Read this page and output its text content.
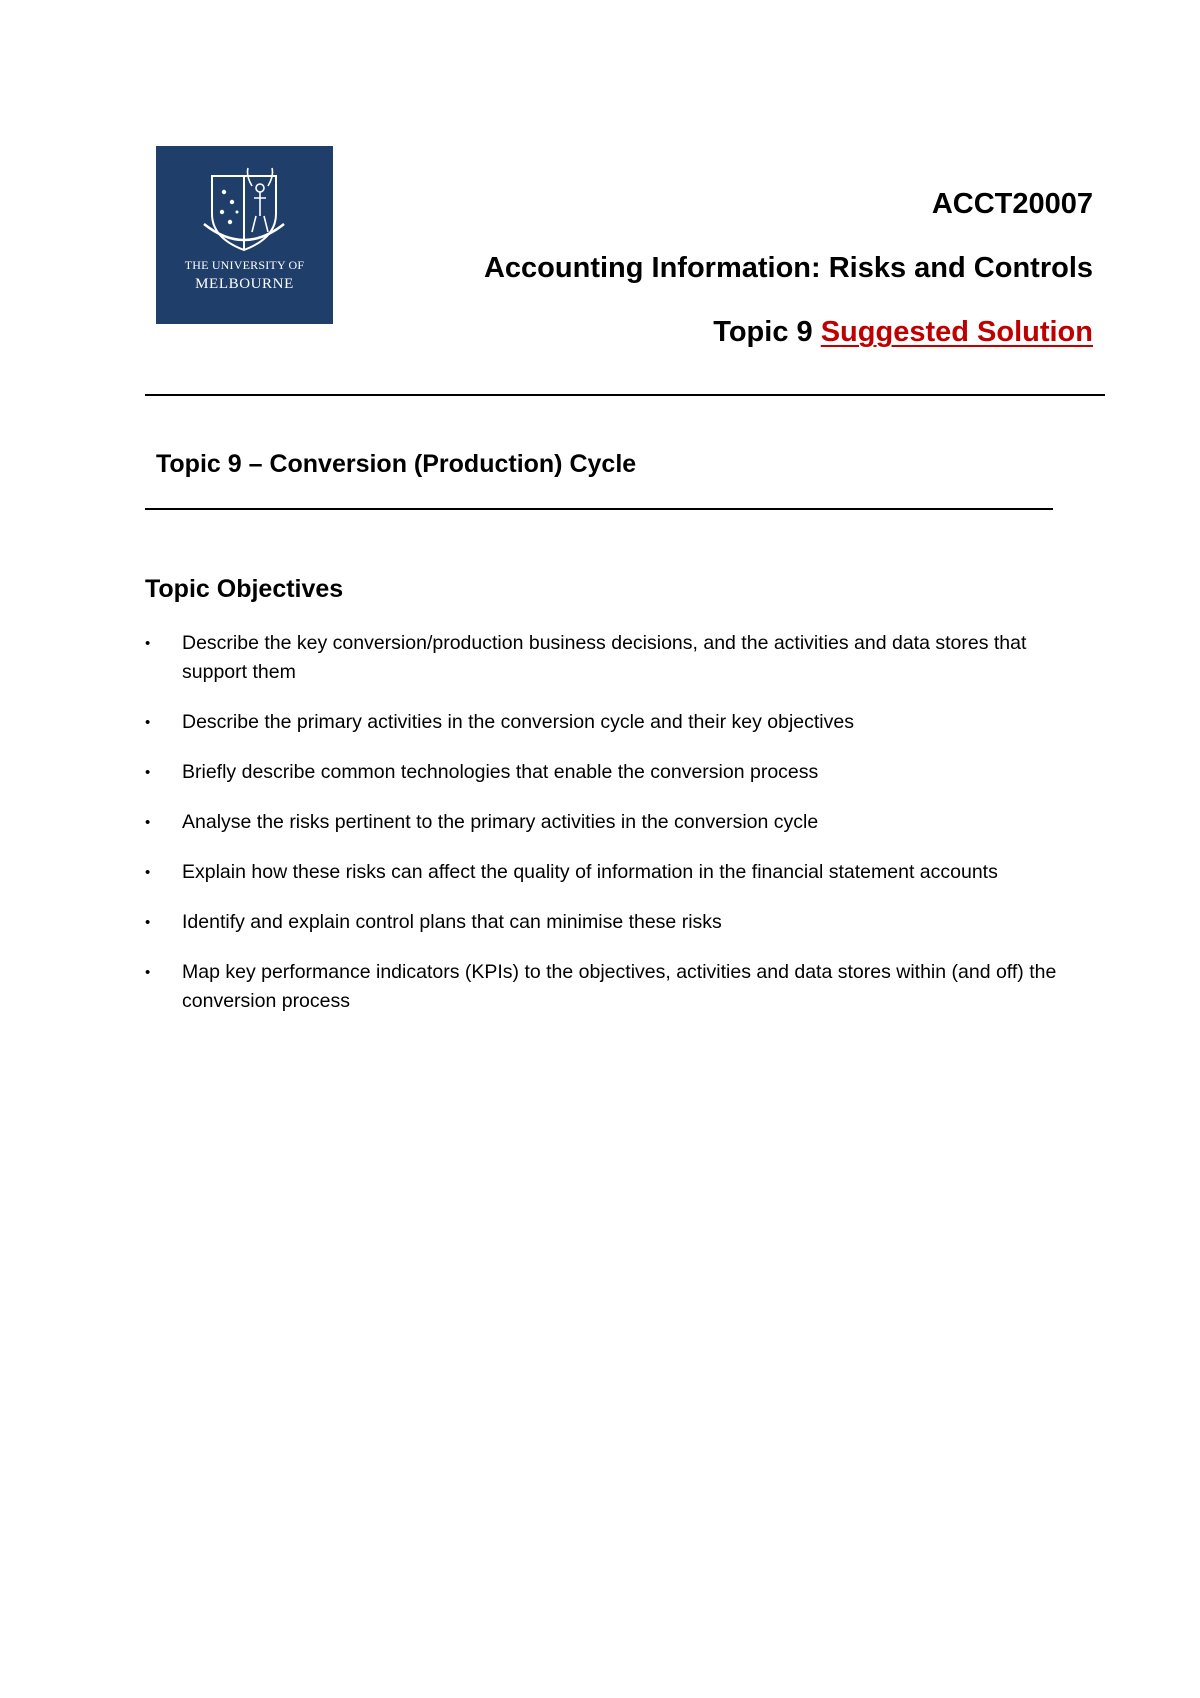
THE UNIVERSITY OF
MELBOURNE
ACCT20007
Accounting Information: Risks and Controls
Topic 9 Suggested Solution
Topic 9 – Conversion (Production) Cycle
Topic Objectives
• Describe the key conversion/production business decisions, and the activities and data stores that support them
• Describe the primary activities in the conversion cycle and their key objectives
• Briefly describe common technologies that enable the conversion process
• Analyse the risks pertinent to the primary activities in the conversion cycle
• Explain how these risks can affect the quality of information in the financial statement accounts
• Identify and explain control plans that can minimise these risks
• Map key performance indicators (KPIs) to the objectives, activities and data stores within (and off) the conversion process
